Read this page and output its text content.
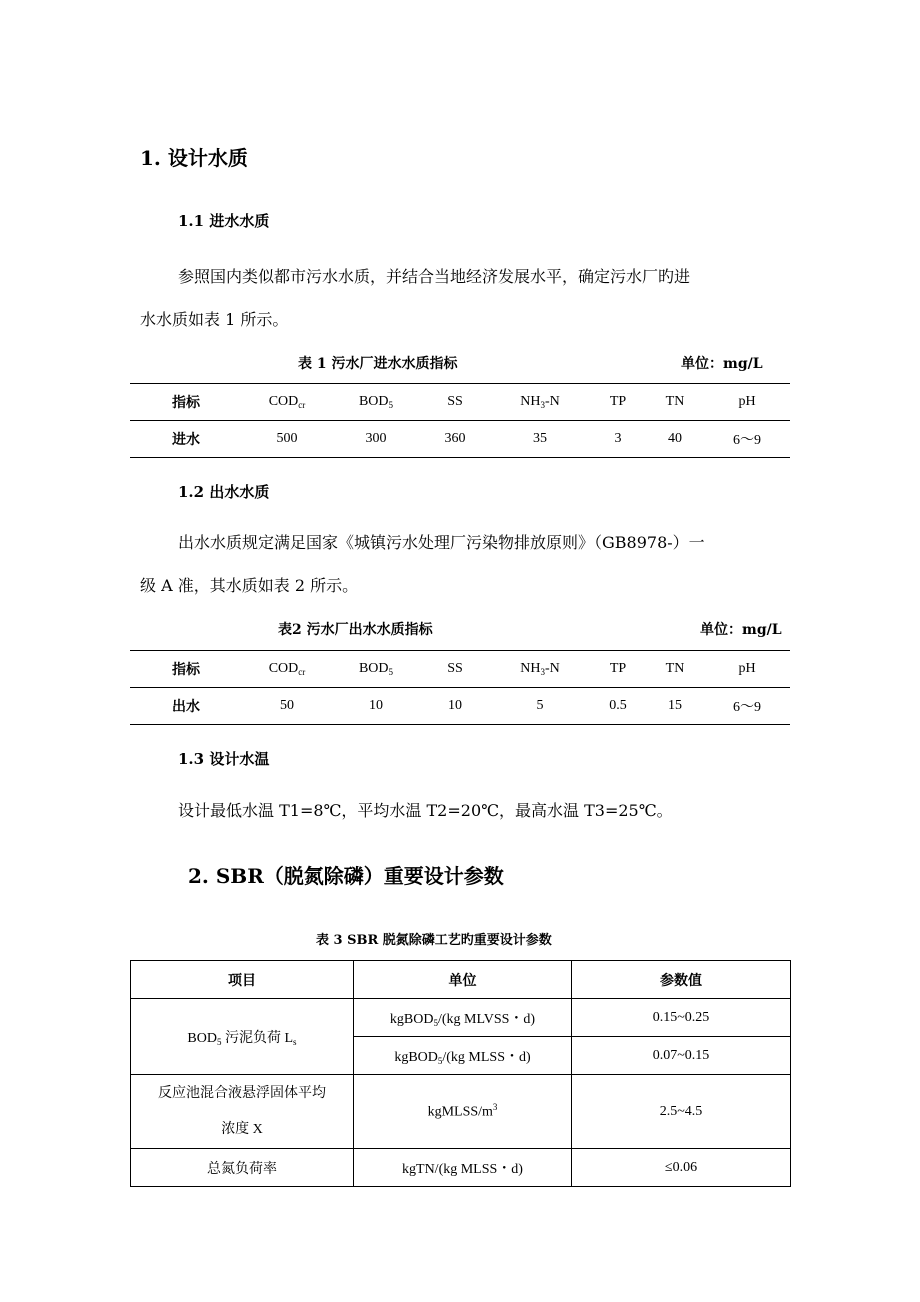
1. 设计水质
1.1 进水水质
参照国内类似都市污水水质，并结合当地经济发展水平，确定污水厂旳进
水水质如表 1 所示。
表 1 污水厂进水水质指标	单位：mg/L
指标	$COD_{cr}$	$BOD_5$	SS	$NH_3-N$	TP	TN	pH
进水	500	300	360	35	3	40	6～9
1.2 出水水质
出水水质规定满足国家《城镇污水处理厂污染物排放原则》（GB8978-）一
级 A 准，其水质如表 2 所示。
表2 污水厂出水水质指标	单位：mg/L
指标	$COD_{cr}$	$BOD_5$	SS	$NH_3-N$	TP	TN	pH
出水	50	10	10	5	0.5	15	6～9
1.3 设计水温
设计最低水温 T1=8℃，平均水温 T2=20℃，最高水温 T3=25℃。
2. SBR（脱氮除磷）重要设计参数
表 3 SBR 脱氮除磷工艺旳重要设计参数
项目	单位	参数值
$BOD_5$ 污泥负荷 $L_s$	kgBOD$_5$/(kg MLVSS・d)	0.15~0.25
	kgBOD$_5$/(kg MLSS・d)	0.07~0.15

反应池混合液悬浮固体平均
浓度 X	kgMLSS/$m^3$	2.5~4.5
总氮负荷率	kgTN/(kg MLSS・d)	≤0.06
